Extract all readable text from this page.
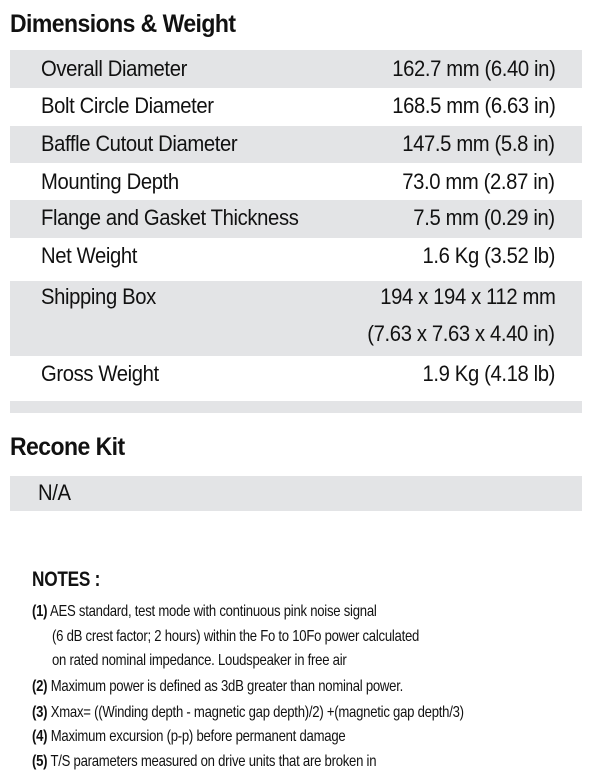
Dimensions & Weight
Overall Diameter	162.7 mm (6.40 in)
Bolt Circle Diameter	168.5 mm (6.63 in)
Baffle Cutout Diameter	147.5 mm (5.8 in)
Mounting Depth	73.0 mm (2.87 in)
Flange and Gasket Thickness	7.5 mm (0.29 in)
Net Weight	1.6 Kg (3.52 lb)
Shipping Box	194 x 194 x 112 mm
(7.63 x 7.63 x 4.40 in)
Gross Weight	1.9 Kg (4.18 lb)
Recone Kit
N/A
NOTES :
(1) AES standard, test mode with continuous pink noise signal
(6 dB crest factor; 2 hours) within the Fo to 10Fo power calculated
on rated nominal impedance. Loudspeaker in free air
(2) Maximum power is defined as 3dB greater than nominal power.
(3) Xmax= ((Winding depth - magnetic gap depth)/2) +(magnetic gap depth/3)
(4) Maximum excursion (p-p) before permanent damage
(5) T/S parameters measured on drive units that are broken in
